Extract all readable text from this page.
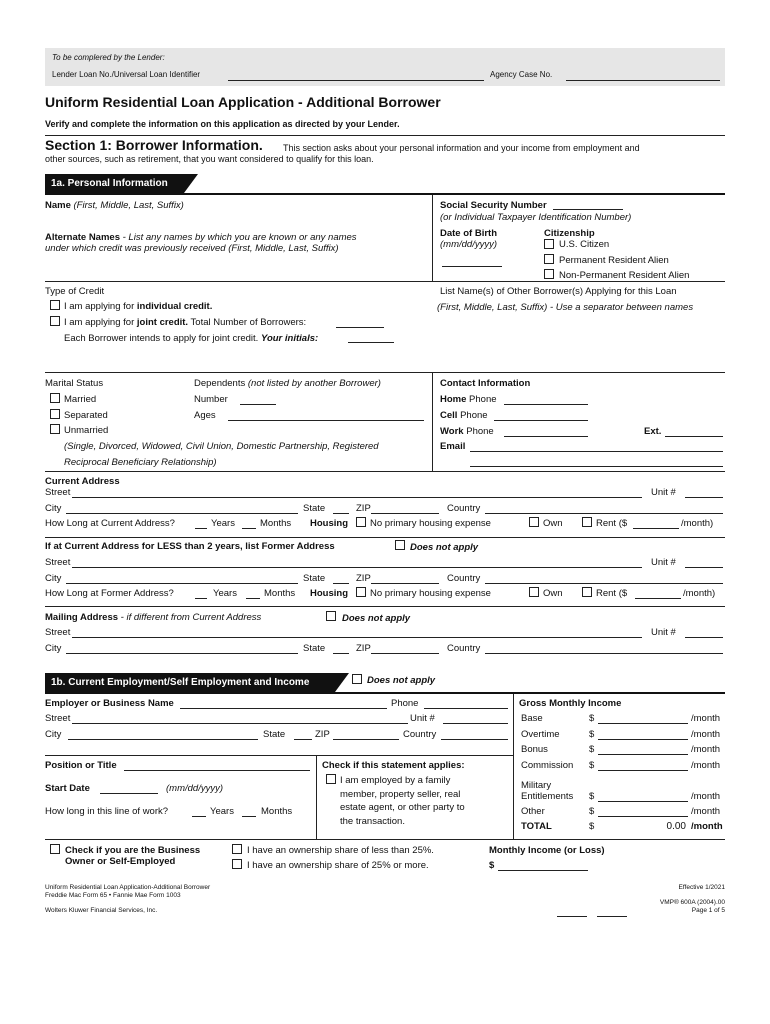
To be complered by the Lender:
Lender Loan No./Universal Loan Identifier	Agency Case No.
Uniform Residential Loan Application - Additional Borrower
Verify and complete the information on this application as directed by your Lender.
Section 1: Borrower Information. This section asks about your personal information and your income from employment and
other sources, such as retirement, that you want considered to qualify for this loan.
1a. Personal Information
Name (First, Middle, Last, Suffix)	Social Security Number
(or Individual Taxpayer Identification Number)
Alternate Names - List any names by which you are known or any names
under which credit was previously received (First, Middle, Last, Suffix)
Date of Birth
(mm/dd/yyyy)
Citizenship
U.S. Citizen
Permanent Resident Alien
Non-Permanent Resident Alien
Type of Credit
I am applying for individual credit.
I am applying for joint credit. Total Number of Borrowers:
Each Borrower intends to apply for joint credit. Your initials:
List Name(s) of Other Borrower(s) Applying for this Loan
(First, Middle, Last, Suffix) - Use a separator between names
Marital Status
Married
Separated
Unmarried
(Single, Divorced, Widowed, Civil Union, Domestic Partnership, Registered
Reciprocal Beneficiary Relationship)
Dependents (not listed by another Borrower)
Number
Ages
Contact Information
Home Phone
Cell Phone
Work Phone	Ext.
Email
Current Address
Street	Unit #
City	State	ZIP	Country
How Long at Current Address?	Years	Months Housing No primary housing expense	Own	Rent ($	/month)
If at Current Address for LESS than 2 years, list Former Address	Does not apply
Street	Unit #
City	State	ZIP	Country
How Long at Former Address?	Years	Months Housing No primary housing expense	Own	Rent ($	/month)
Mailing Address - if different from Current Address	Does not apply
Street	Unit #
City	State	ZIP	Country
1b. Current Employment/Self Employment and Income	Does not apply
Employer or Business Name	Phone
Street	Unit #
City	State	ZIP	Country
Position or Title
Start Date	(mm/dd/yyyy)
How long in this line of work?	Years	Months
Check if this statement applies:
I am employed by a family
member, property seller, real
estate agent, or other party to
the transaction.
Gross Monthly Income
Base	$	/month
Overtime	$	/month
Bonus	$	/month
Commission $	/month
Military
Entitlements $	/month
Other	$	/month
TOTAL	$	0.00 /month
Check if you are the Business
Owner or Self-Employed
I have an ownership share of less than 25%.
I have an ownership share of 25% or more.
Monthly Income (or Loss)
$
Uniform Residential Loan Application-Additional Borrower
Freddie Mac Form 65 • Fannie Mae Form 1003
Wolters Kluwer Financial Services, Inc.
Effective 1/2021
VMP® 600A (2004).00
Page 1 of 5
